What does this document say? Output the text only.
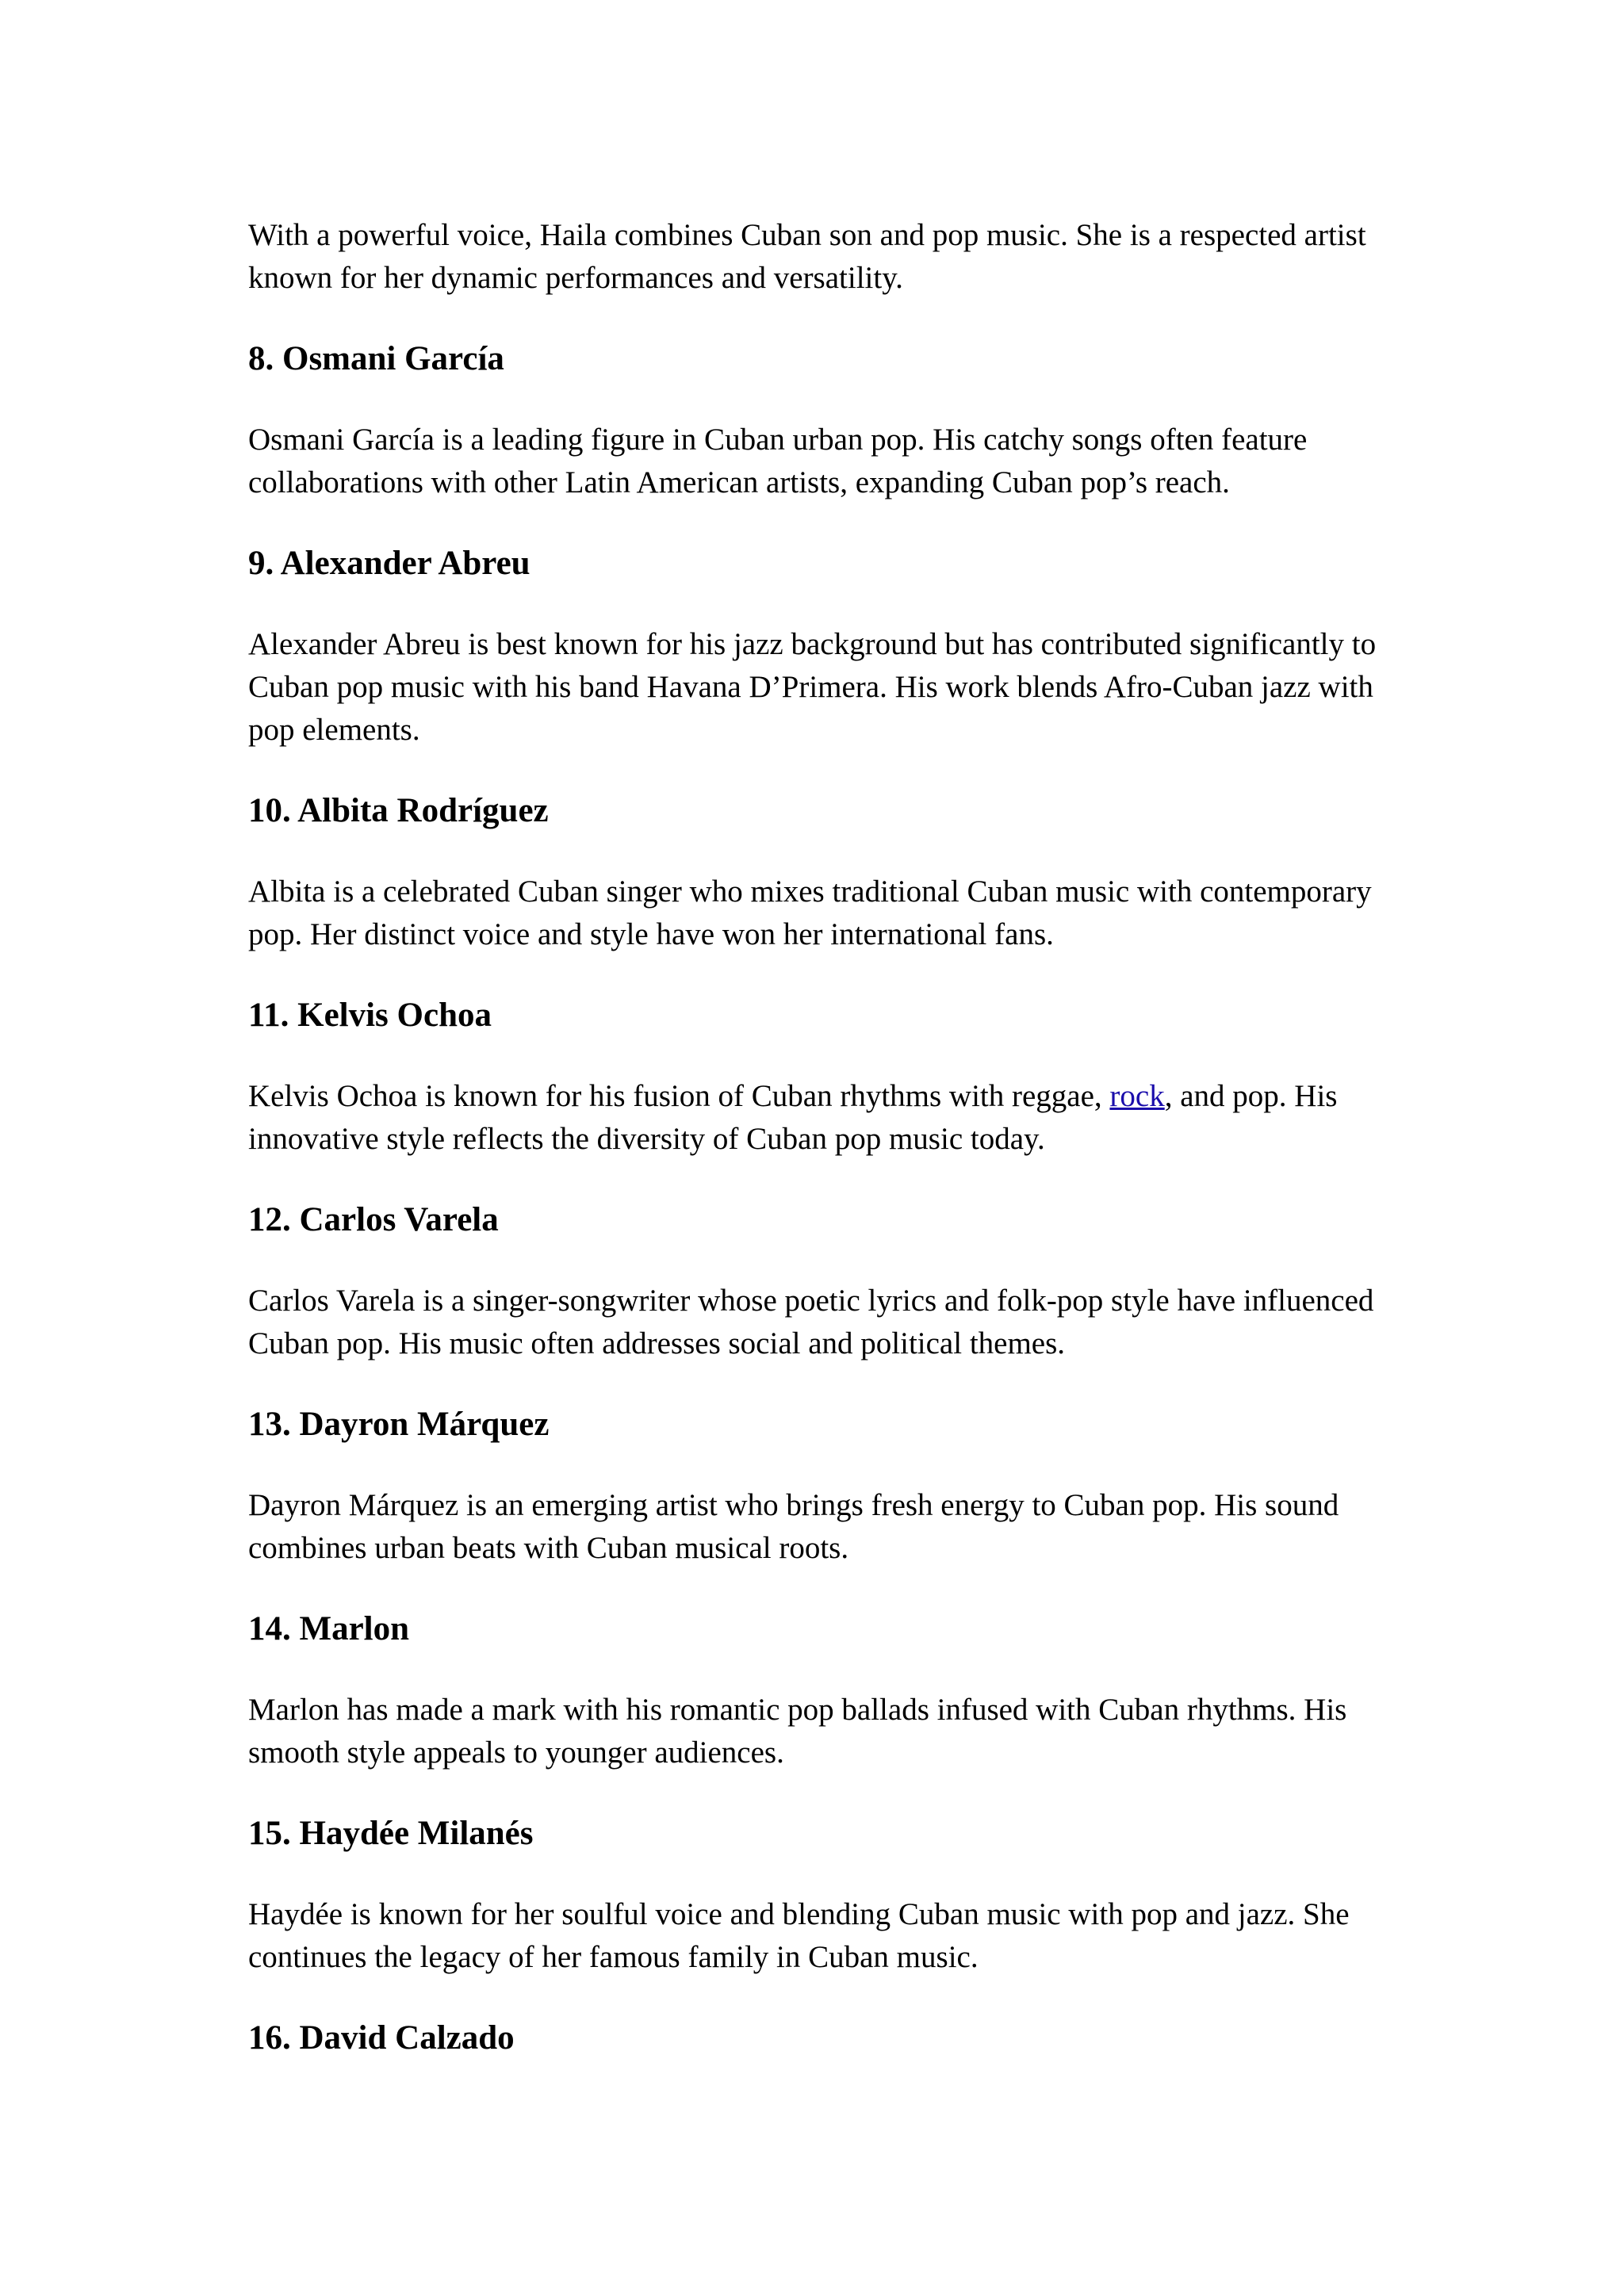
With a powerful voice, Haila combines Cuban son and pop music. She is a respected artist known for her dynamic performances and versatility.

8. Osmani García

Osmani García is a leading figure in Cuban urban pop. His catchy songs often feature collaborations with other Latin American artists, expanding Cuban pop’s reach.

9. Alexander Abreu

Alexander Abreu is best known for his jazz background but has contributed significantly to Cuban pop music with his band Havana D’Primera. His work blends Afro-Cuban jazz with pop elements.

10. Albita Rodríguez

Albita is a celebrated Cuban singer who mixes traditional Cuban music with contemporary pop. Her distinct voice and style have won her international fans.

11. Kelvis Ochoa

Kelvis Ochoa is known for his fusion of Cuban rhythms with reggae, rock, and pop. His innovative style reflects the diversity of Cuban pop music today.

12. Carlos Varela

Carlos Varela is a singer-songwriter whose poetic lyrics and folk-pop style have influenced Cuban pop. His music often addresses social and political themes.

13. Dayron Márquez

Dayron Márquez is an emerging artist who brings fresh energy to Cuban pop. His sound combines urban beats with Cuban musical roots.

14. Marlon

Marlon has made a mark with his romantic pop ballads infused with Cuban rhythms. His smooth style appeals to younger audiences.

15. Haydée Milanés

Haydée is known for her soulful voice and blending Cuban music with pop and jazz. She continues the legacy of her famous family in Cuban music.

16. David Calzado
